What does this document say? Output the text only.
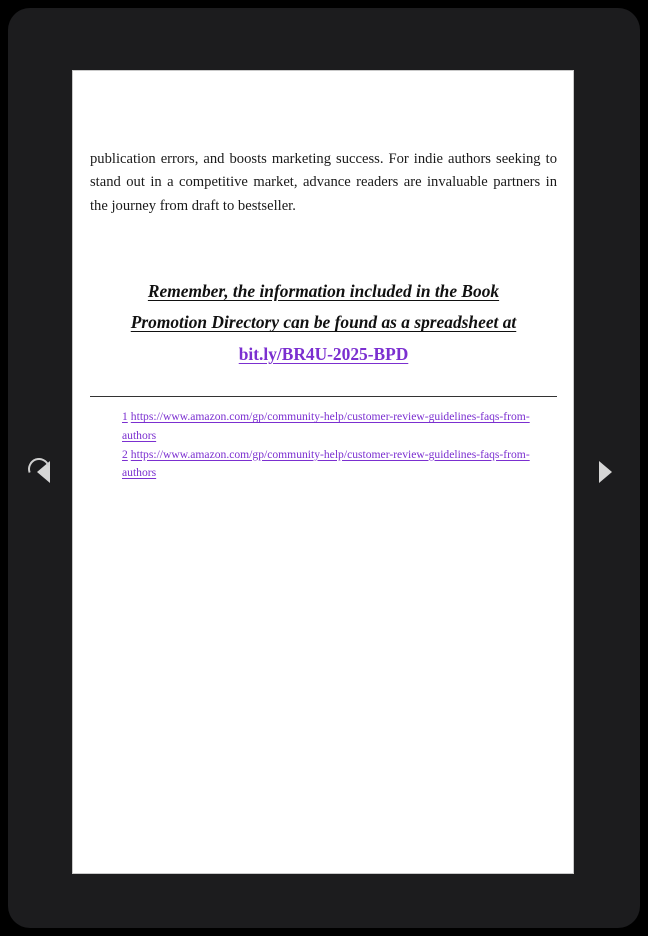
publication errors, and boosts marketing success. For indie authors seeking to stand out in a competitive market, advance readers are invaluable partners in the journey from draft to bestseller.

Remember, the information included in the Book
Promotion Directory can be found as a spreadsheet at
bit.ly/BR4U-2025-BPD
1 https://www.amazon.com/gp/community-help/customer-review-guidelines-faqs-from-authors
2 https://www.amazon.com/gp/community-help/customer-review-guidelines-faqs-from-authors
